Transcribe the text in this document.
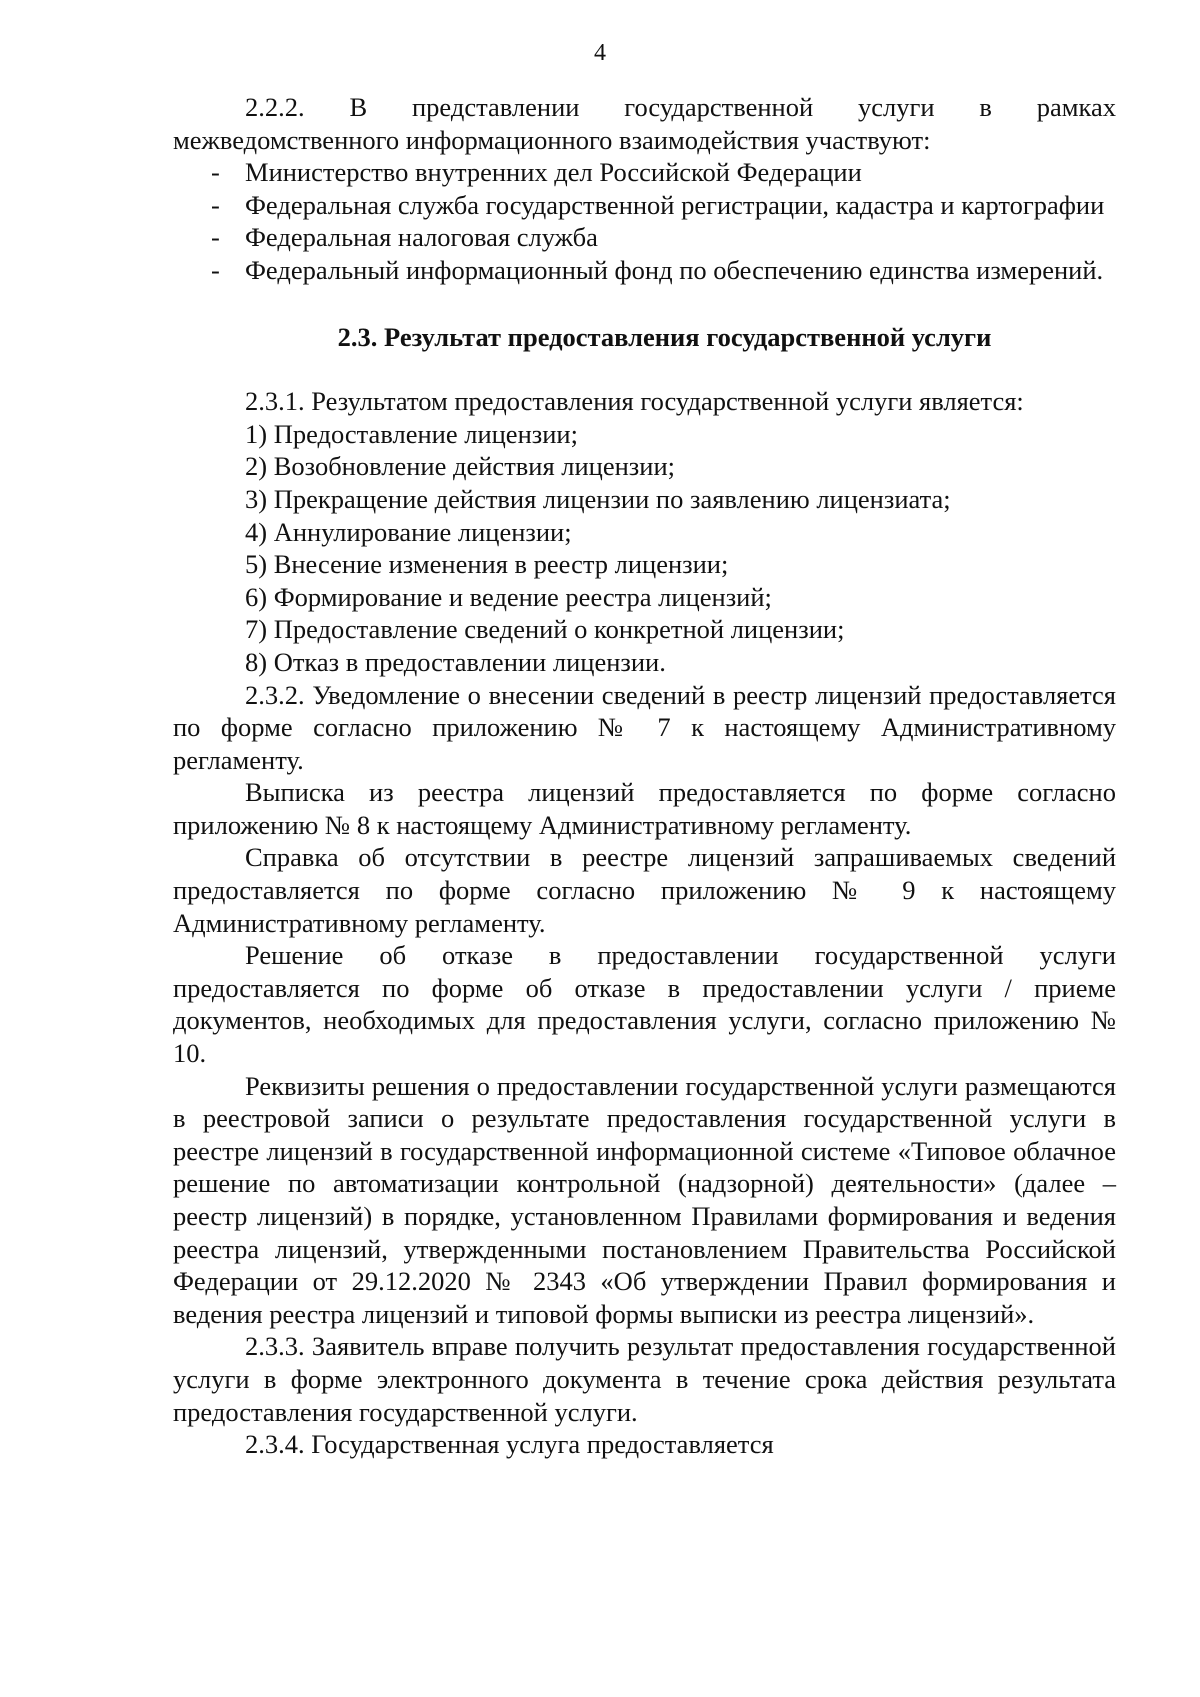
4

2.2.2. В представлении государственной услуги в рамках межведомственного информационного взаимодействия участвуют:

- Министерство внутренних дел Российской Федерации
- Федеральная служба государственной регистрации, кадастра и картографии
- Федеральная налоговая служба
- Федеральный информационный фонд по обеспечению единства измерений.
2.3. Результат предоставления государственной услуги

2.3.1. Результатом предоставления государственной услуги является:

1) Предоставление лицензии;

2) Возобновление действия лицензии;

3) Прекращение действия лицензии по заявлению лицензиата;

4) Аннулирование лицензии;

5) Внесение изменения в реестр лицензии;

6) Формирование и ведение реестра лицензий;

7) Предоставление сведений о конкретной лицензии;

8) Отказ в предоставлении лицензии.

2.3.2. Уведомление о внесении сведений в реестр лицензий предоставляется по форме согласно приложению № 7 к настоящему Административному регламенту.

Выписка из реестра лицензий предоставляется по форме согласно приложению № 8 к настоящему Административному регламенту.

Справка об отсутствии в реестре лицензий запрашиваемых сведений предоставляется по форме согласно приложению № 9 к настоящему Административному регламенту.

Решение об отказе в предоставлении государственной услуги предоставляется по форме об отказе в предоставлении услуги / приеме документов, необходимых для предоставления услуги, согласно приложению № 10.

Реквизиты решения о предоставлении государственной услуги размещаются в реестровой записи о результате предоставления государственной услуги в реестре лицензий в государственной информационной системе «Типовое облачное решение по автоматизации контрольной (надзорной) деятельности» (далее – реестр лицензий) в порядке, установленном Правилами формирования и ведения реестра лицензий, утвержденными постановлением Правительства Российской Федерации от 29.12.2020 № 2343 «Об утверждении Правил формирования и ведения реестра лицензий и типовой формы выписки из реестра лицензий».

2.3.3. Заявитель вправе получить результат предоставления государственной услуги в форме электронного документа в течение срока действия результата предоставления государственной услуги.

2.3.4. Государственная услуга предоставляется
